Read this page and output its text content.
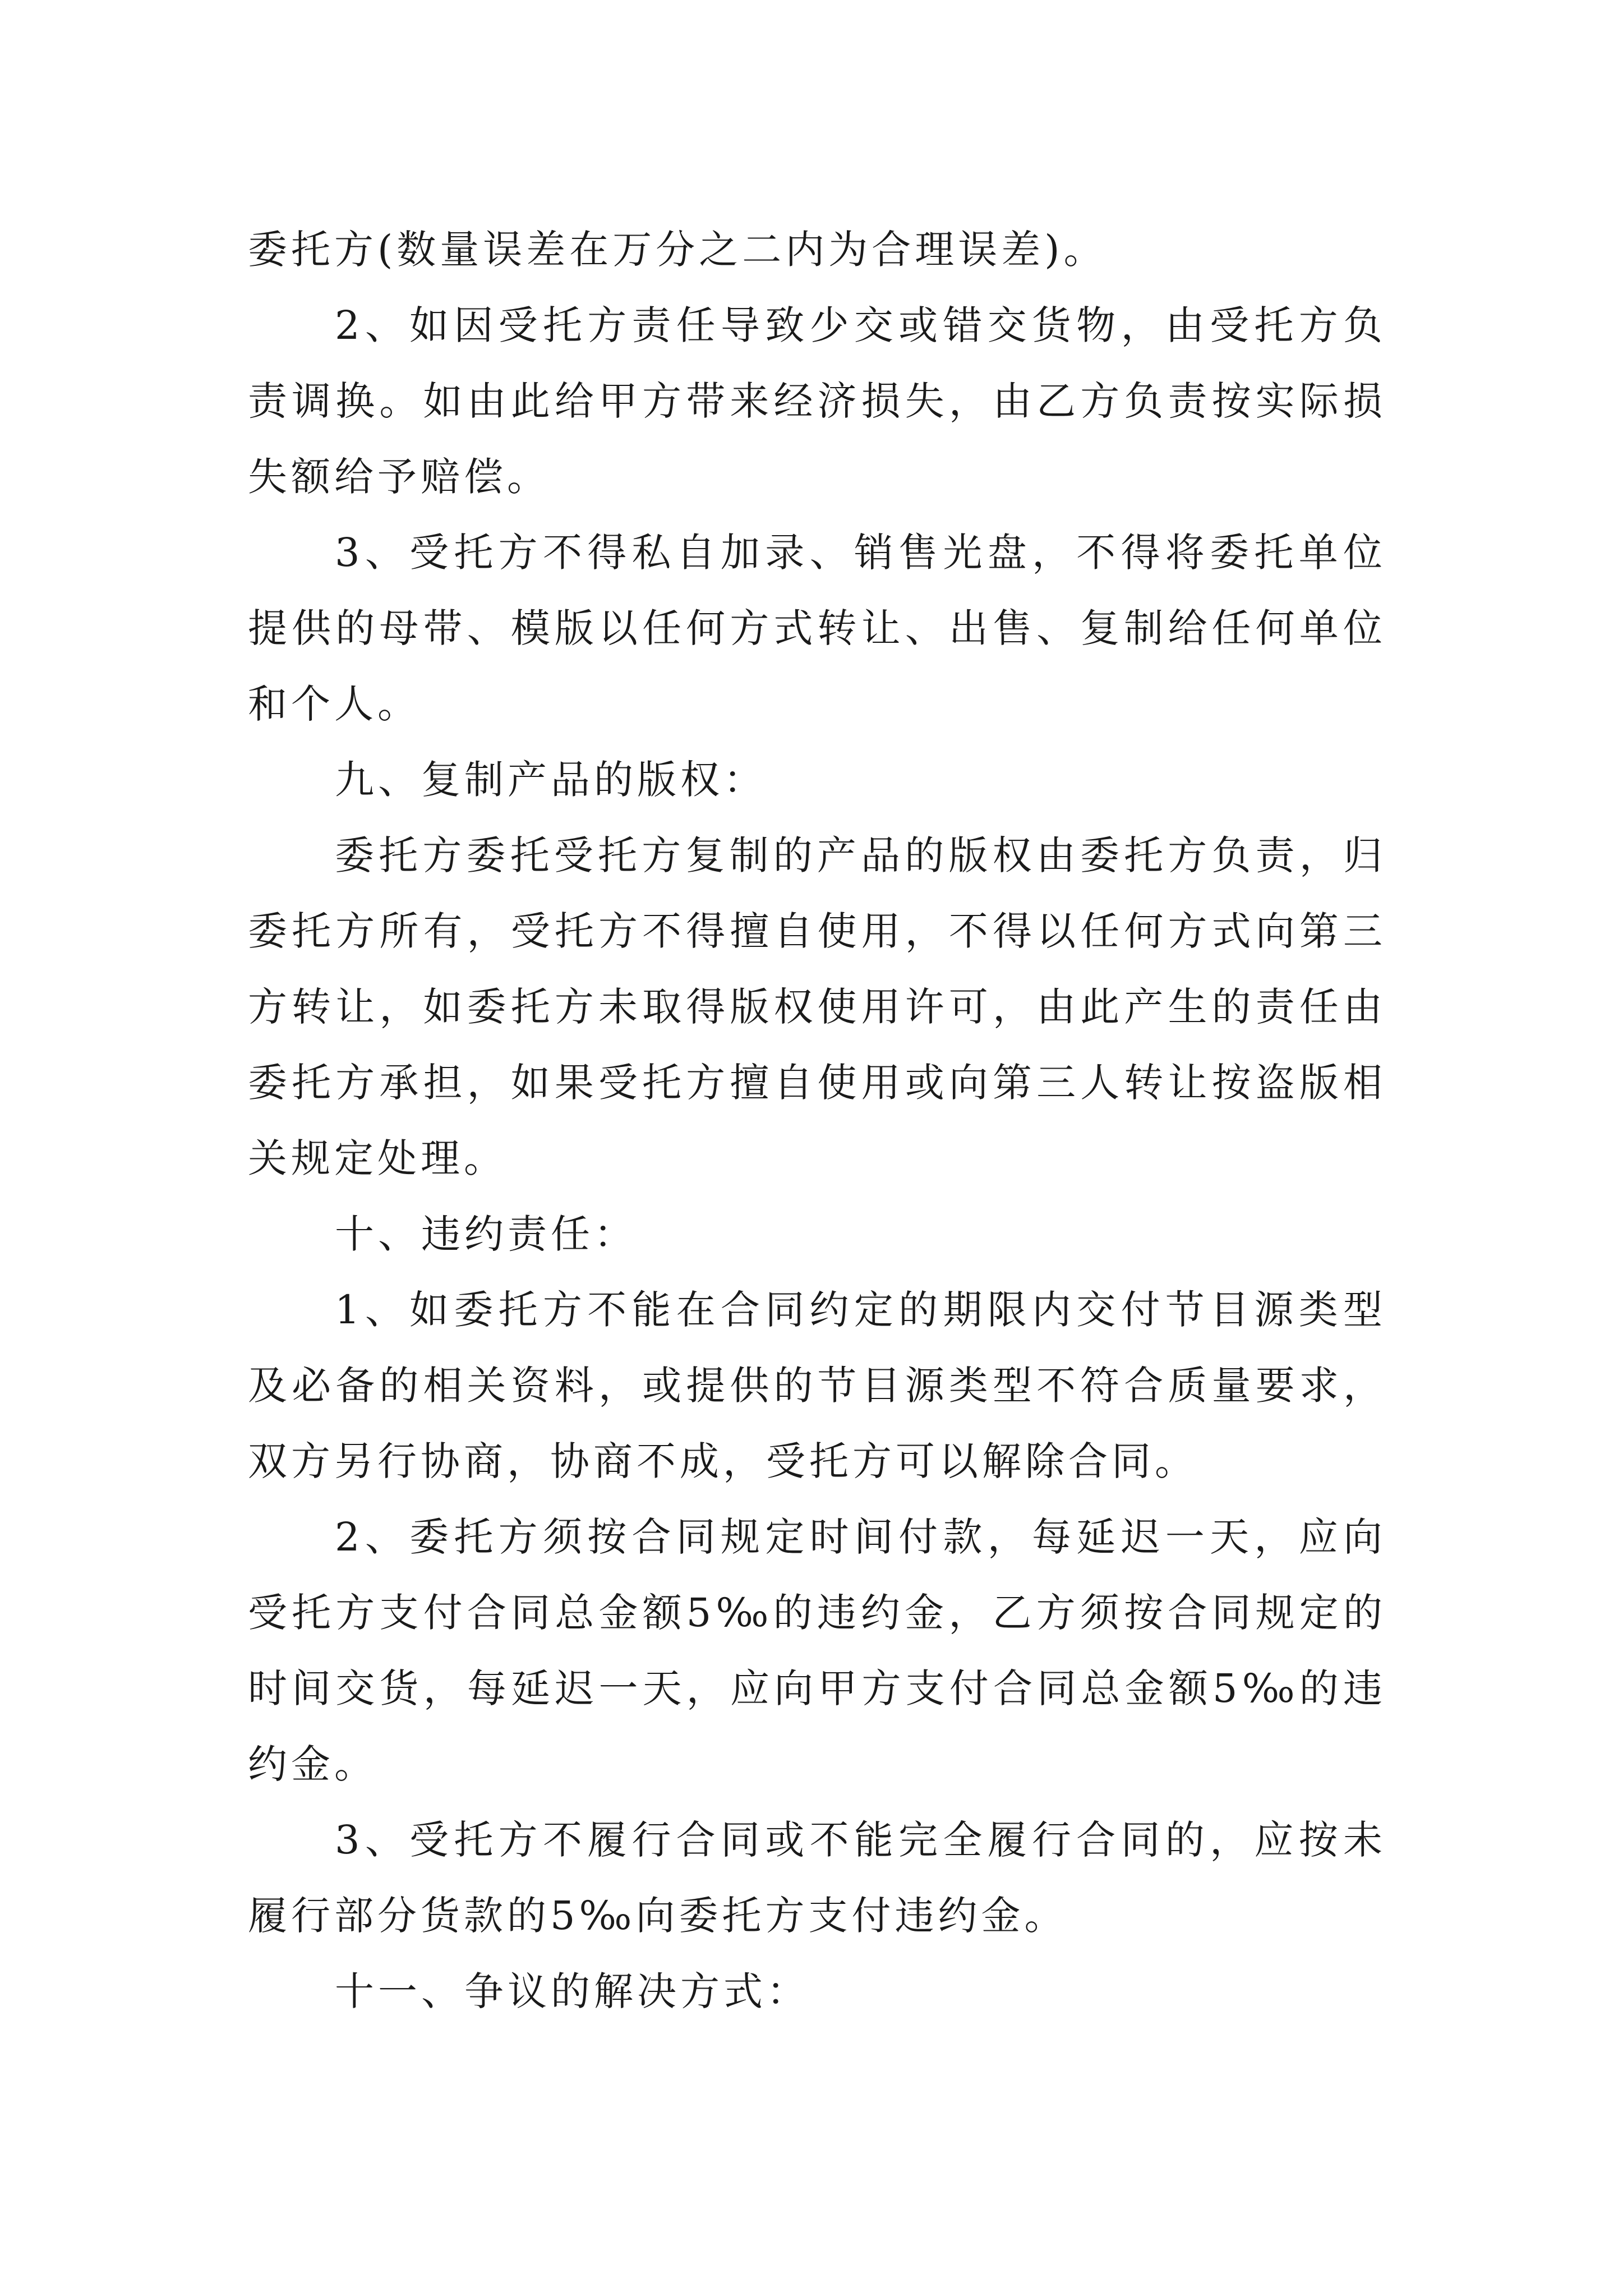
委托方(数量误差在万分之二内为合理误差)。

2、如因受托方责任导致少交或错交货物，由受托方负责调换。如由此给甲方带来经济损失，由乙方负责按实际损失额给予赔偿。

3、受托方不得私自加录、销售光盘，不得将委托单位提供的母带、模版以任何方式转让、出售、复制给任何单位和个人。

九、复制产品的版权：

委托方委托受托方复制的产品的版权由委托方负责，归委托方所有，受托方不得擅自使用，不得以任何方式向第三方转让，如委托方未取得版权使用许可，由此产生的责任由委托方承担，如果受托方擅自使用或向第三人转让按盗版相关规定处理。

十、违约责任：

1、如委托方不能在合同约定的期限内交付节目源类型及必备的相关资料，或提供的节目源类型不符合质量要求，双方另行协商，协商不成，受托方可以解除合同。

2、委托方须按合同规定时间付款，每延迟一天，应向受托方支付合同总金额5‰的违约金，乙方须按合同规定的时间交货，每延迟一天，应向甲方支付合同总金额5‰的违约金。

3、受托方不履行合同或不能完全履行合同的，应按未履行部分货款的5‰向委托方支付违约金。

十一、争议的解决方式：
